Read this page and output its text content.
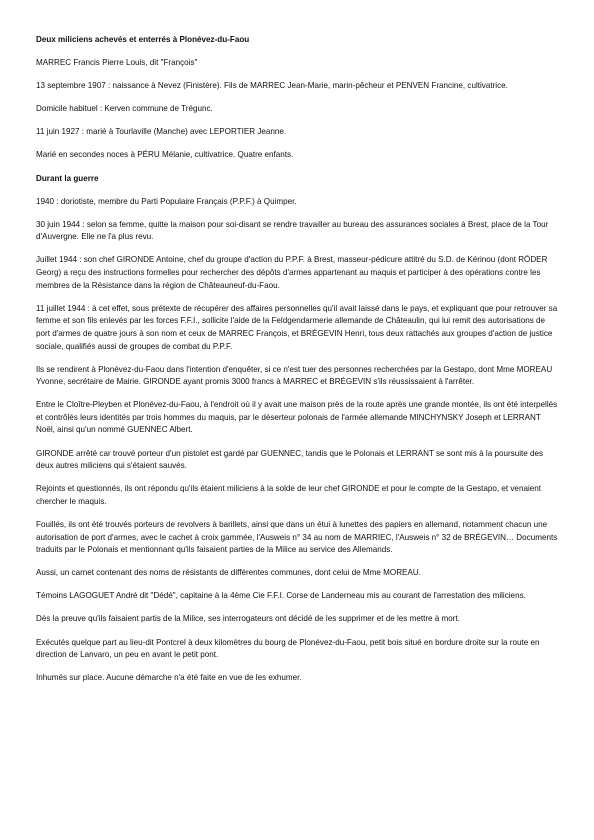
Deux miliciens achevés et enterrés à Plonévez-du-Faou

MARREC Francis Pierre Louis, dit "François"

13 septembre 1907 : naissance à Nevez (Finistère). Fils de MARREC Jean-Marie, marin-pêcheur et PENVEN Francine, cultivatrice.

Domicile habituel : Kerven commune de Trégunc.

11 juin 1927 : marié à Tourlaville (Manche) avec LEPORTIER Jeanne.

Marié en secondes noces à PÉRU Mélanie, cultivatrice. Quatre enfants.

Durant la guerre

1940 : doriotiste, membre du Parti Populaire Français (P.P.F.) à Quimper.

30 juin 1944 : selon sa femme, quitte la maison pour soi-disant se rendre travailler au bureau des assurances sociales à Brest, place de la Tour d'Auvergne. Elle ne l'a plus revu.

Juillet 1944 : son chef GIRONDE Antoine, chef du groupe d'action du P.P.F. à Brest, masseur-pédicure attitré du S.D. de Kérinou (dont RÖDER Georg) a reçu des instructions formelles pour rechercher des dépôts d'armes appartenant au maquis et participer à des opérations contre les membres de la Résistance dans la région de Châteauneuf-du-Faou.

11 juillet 1944 : à cet effet, sous prétexte de récupérer des affaires personnelles qu'il avait laissé dans le pays, et expliquant que pour retrouver sa femme et son fils enlevés par les forces F.F.I., sollicite l'aide de la Feldgendarmerie allemande de Châteaulin, qui lui remit des autorisations de port d'armes de quatre jours à son nom et ceux de MARREC François, et BRÉGEVIN Henri, tous deux rattachés aux groupes d'action de justice sociale, qualifiés aussi de groupes de combat du P.P.F.

Ils se rendirent à Plonévez-du-Faou dans l'intention d'enquêter, si ce n'est tuer des personnes recherchées par la Gestapo, dont Mme MOREAU Yvonne, secrétaire de Mairie. GIRONDE ayant promis 3000 francs à MARREC et BRÉGEVIN s'ils réussissaient à l'arrêter.

Entre le Cloître-Pleyben et Plonévez-du-Faou, à l'endroit où il y avait une maison près de la route après une grande montée, ils ont été interpellés et contrôlés leurs identités par trois hommes du maquis, par le déserteur polonais de l'armée allemande MINCHYNSKY Joseph et LERRANT Noël, ainsi qu'un nommé GUENNEC Albert.

GIRONDE arrêté car trouvé porteur d'un pistolet est gardé par GUENNEC, tandis que le Polonais et LERRANT se sont mis à la poursuite des deux autres miliciens qui s'étaient sauvés.

Rejoints et questionnés, ils ont répondu qu'ils étaient miliciens à la solde de leur chef GIRONDE et pour le compte de la Gestapo, et venaient chercher le maquis.

Fouillés, ils ont été trouvés porteurs de revolvers à barillets, ainsi que dans un étui à lunettes des papiers en allemand, notamment chacun une autorisation de port d'armes, avec le cachet à croix gammée, l'Ausweis n° 34 au nom de MARRIEC, l'Ausweis n° 32 de BRÉGEVIN… Documents traduits par le Polonais et mentionnant qu'ils faisaient parties de la Milice au service des Allemands.

Aussi, un carnet contenant des noms de résistants de différentes communes, dont celui de Mme MOREAU.

Témoins LAGOGUET André dit "Dédé", capitaine à la 4ème Cie F.F.I. Corse de Landerneau mis au courant de l'arrestation des miliciens.

Dès la preuve qu'ils faisaient partis de la Milice, ses interrogateurs ont décidé de les supprimer et de les mettre à mort.

Exécutés quelque part au lieu-dit Pontcrel à deux kilomètres du bourg de Plonévez-du-Faou, petit bois situé en bordure droite sur la route en direction de Lanvaro, un peu en avant le petit pont.

Inhumés sur place. Aucune démarche n'a été faite en vue de les exhumer.
